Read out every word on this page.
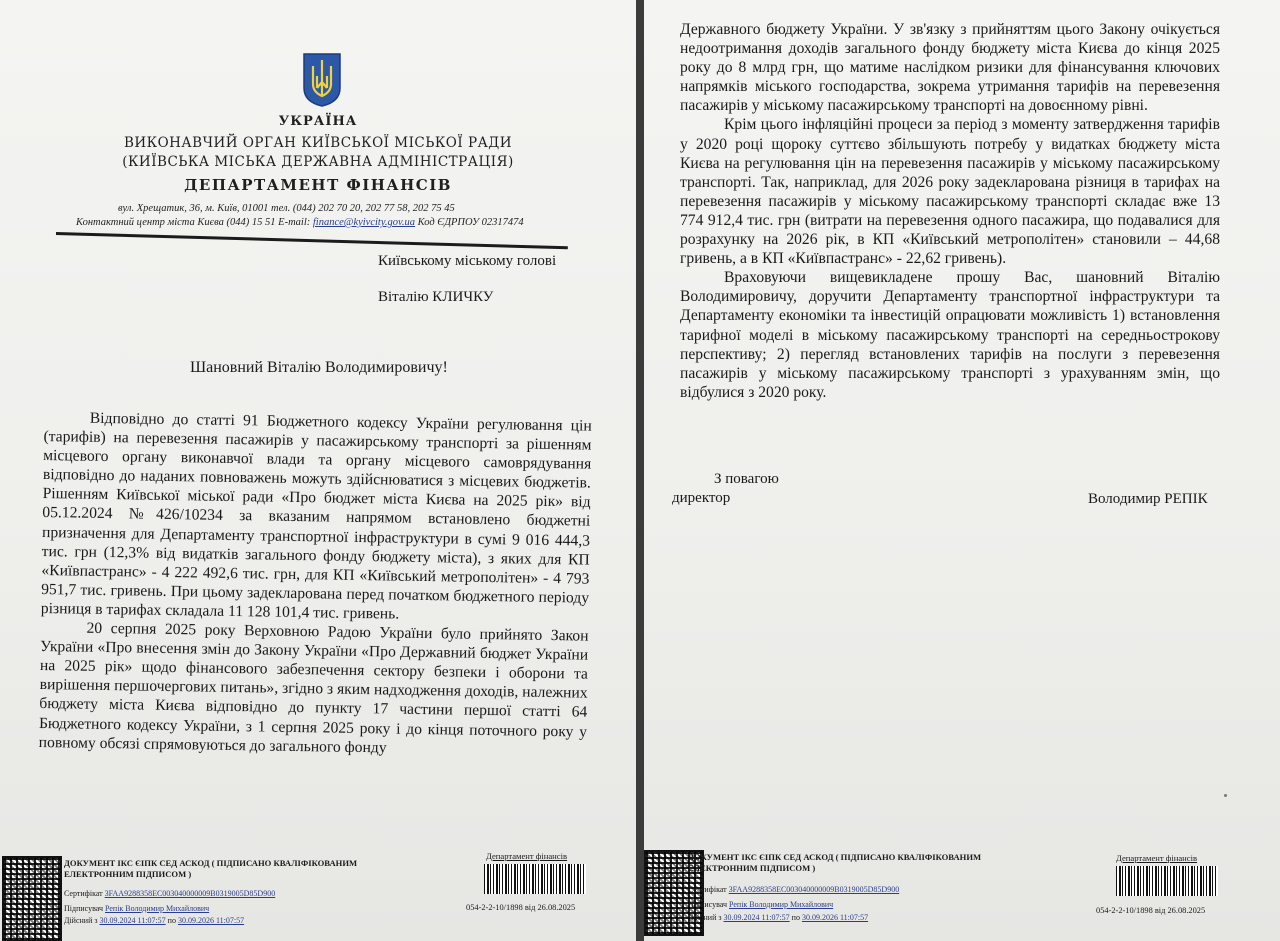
УКРАЇНА
ВИКОНАВЧИЙ ОРГАН КИЇВСЬКОЇ МІСЬКОЇ РАДИ
(КИЇВСЬКА МІСЬКА ДЕРЖАВНА АДМІНІСТРАЦІЯ)
ДЕПАРТАМЕНТ ФІНАНСІВ
вул. Хрещатик, 36, м. Київ, 01001 тел. (044) 202 70 20, 202 77 58, 202 75 45
Контактний центр міста Києва (044) 15 51 E-mail: finance@kyivcity.gov.ua Код ЄДРПОУ 02317474
Київському міському голові
Віталію КЛИЧКУ
Шановний Віталію Володимировичу!

Відповідно до статті 91 Бюджетного кодексу України регулювання цін (тарифів) на перевезення пасажирів у пасажирському транспорті за рішенням місцевого органу виконавчої влади та органу місцевого самоврядування відповідно до наданих повноважень можуть здійснюватися з місцевих бюджетів. Рішенням Київської міської ради «Про бюджет міста Києва на 2025 рік» від 05.12.2024 №426/10234 за вказаним напрямом встановлено бюджетні призначення для Департаменту транспортної інфраструктури в сумі 9 016 444,3 тис. грн (12,3% від видатків загального фонду бюджету міста), з яких для КП «Київпастранс» - 4 222 492,6 тис. грн, для КП «Київський метрополітен» - 4 793 951,7 тис. гривень. При цьому задекларована перед початком бюджетного періоду різниця в тарифах складала 11 128 101,4 тис. гривень.

20 серпня 2025 року Верховною Радою України було прийнято Закон України «Про внесення змін до Закону України «Про Державний бюджет України на 2025 рік» щодо фінансового забезпечення сектору безпеки і оборони та вирішення першочергових питань», згідно з яким надходження доходів, належних бюджету міста Києва відповідно до пункту 17 частини першої статті 64 Бюджетного кодексу України, з 1 серпня 2025 року і до кінця поточного року у повному обсязі спрямовуються до загального фонду

ДОКУМЕНТ ІКС ЄІПК СЕД АСКОД ( ПІДПИСАНО КВАЛІФІКОВАНИМ
ЕЛЕКТРОННИМ ПІДПИСОМ )
Сертифікат 3FAA9288358EC003040000009B0319005D85D900
Підписувач Репік Володимир Михайлович
Дійсний з 30.09.2024 11:07:57 по 30.09.2026 11:07:57
Департамент фінансів
054-2-2-10/1898 від 26.08.2025

Державного бюджету України. У зв'язку з прийняттям цього Закону очікується недоотримання доходів загального фонду бюджету міста Києва до кінця 2025 року до 8 млрд грн, що матиме наслідком ризики для фінансування ключових напрямків міського господарства, зокрема утримання тарифів на перевезення пасажирів у міському пасажирському транспорті на довоєнному рівні.

Крім цього інфляційні процеси за період з моменту затвердження тарифів у 2020 році щороку суттєво збільшують потребу у видатках бюджету міста Києва на регулювання цін на перевезення пасажирів у міському пасажирському транспорті. Так, наприклад, для 2026 року задекларована різниця в тарифах на перевезення пасажирів у міському пасажирському транспорті складає вже 13 774 912,4 тис. грн (витрати на перевезення одного пасажира, що подавалися для розрахунку на 2026 рік, в КП «Київський метрополітен» становили – 44,68 гривень, а в КП «Київпастранс» - 22,62 гривень).

Враховуючи вищевикладене прошу Вас, шановний Віталію Володимировичу, доручити Департаменту транспортної інфраструктури та Департаменту економіки та інвестицій опрацювати можливість 1) встановлення тарифної моделі в міському пасажирському транспорті на середньострокову перспективу; 2) перегляд встановлених тарифів на послуги з перевезення пасажирів у міському пасажирському транспорті з урахуванням змін, що відбулися з 2020 року.

ДОКУМЕНТ ІКС ЄІПК СЕД АСКОД ( ПІДПИСАНО КВАЛІФІКОВАНИМ
ЕЛЕКТРОННИМ ПІДПИСОМ )
Сертифікат 3FAA9288358EC003040000009B0319005D85D900
Підписувач Репік Володимир Михайлович
Дійсний з 30.09.2024 11:07:57 по 30.09.2026 11:07:57
Департамент фінансів
054-2-2-10/1898 від 26.08.2025
З повагою
директор	Володимир РЕПІК
